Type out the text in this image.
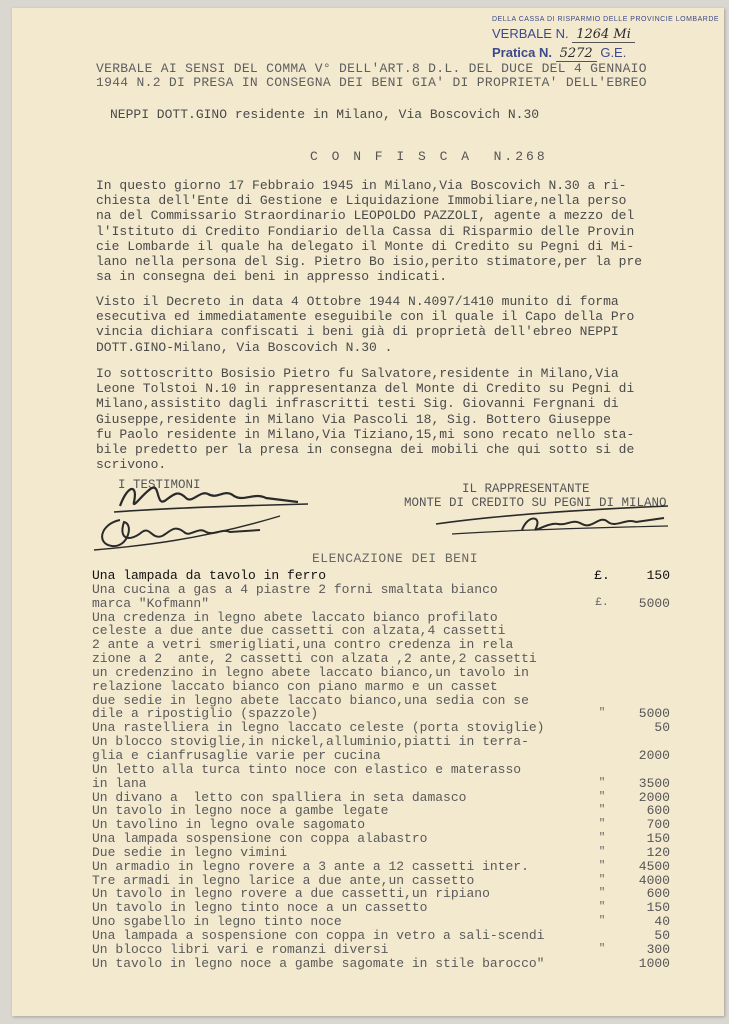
DELLA CASSA DI RISPARMIO DELLE PROVINCIE LOMBARDE
VERBALE N. 1264 Mi
Pratica N. 5272 G.E.
VERBALE AI SENSI DEL COMMA V° DELL'ART.8 D.L. DEL DUCE DEL 4 GENNAIO
1944 N.2 DI PRESA IN CONSEGNA DEI BENI GIA' DI PROPRIETA' DELL'EBREO
NEPPI DOTT.GINO residente in Milano, Via Boscovich N.30
C O N F I S C A  N.268
In questo giorno 17 Febbraio 1945 in Milano,Via Boscovich N.30 a ri-
chiesta dell'Ente di Gestione e Liquidazione Immobiliare,nella perso
na del Commissario Straordinario LEOPOLDO PAZZOLI, agente a mezzo del
l'Istituto di Credito Fondiario della Cassa di Risparmio delle Provin
cie Lombarde il quale ha delegato il Monte di Credito su Pegni di Mi-
lano nella persona del Sig. Pietro Bo isio,perito stimatore,per la pre
sa in consegna dei beni in appresso indicati.
Visto il Decreto in data 4 Ottobre 1944 N.4097/1410 munito di forma
esecutiva ed immediatamente eseguibile con il quale il Capo della Pro
vincia dichiara confiscati i beni già di proprietà dell'ebreo NEPPI
DOTT.GINO-Milano, Via Boscovich N.30 .
Io sottoscritto Bosisio Pietro fu Salvatore,residente in Milano,Via
Leone Tolstoi N.10 in rappresentanza del Monte di Credito su Pegni di
Milano,assistito dagli infrascritti testi Sig. Giovanni Fergnani di
Giuseppe,residente in Milano Via Pascoli 18, Sig. Bottero Giuseppe
fu Paolo residente in Milano,Via Tiziano,15,mi sono recato nello sta-
bile predetto per la presa in consegna dei mobili che qui sotto si de
scrivono.
I TESTIMONI	IL RAPPRESENTANTE
MONTE DI CREDITO SU PEGNI DI MILANO
ELENCAZIONE DEI BENI
Una lampada da tavolo in ferro	£.	150
Una cucina a gas a 4 piastre 2 forni smaltata bianco
marca "Kofmann"	£.	5000
Una credenza in legno abete laccato bianco profilato
celeste a due ante due cassetti con alzata,4 cassetti
2 ante a vetri smerigliati,una contro credenza in rela
zione a 2  ante, 2 cassetti con alzata ,2 ante,2 cassetti
un credenzino in legno abete laccato bianco,un tavolo in
relazione laccato bianco con piano marmo e un casset
due sedie in legno abete laccato bianco,una sedia con se
dile a ripostiglio (spazzole)	"	5000
Una rastelliera in legno laccato celeste (porta stoviglie)	50
Un blocco stoviglie,in nickel,alluminio,piatti in terra-
glia e cianfrusaglie varie per cucina	2000
Un letto alla turca tinto noce con elastico e materasso
in lana	"	3500
Un divano a  letto con spalliera in seta damasco	"	2000
Un tavolo in legno noce a gambe legate	"	600
Un tavolino in legno ovale sagomato	"	700
Una lampada sospensione con coppa alabastro	"	150
Due sedie in legno vimini	"	120
Un armadio in legno rovere a 3 ante a 12 cassetti inter.	"	4500
Tre armadi in legno larice a due ante,un cassetto	"	4000
Un tavolo in legno rovere a due cassetti,un ripiano	"	600
Un tavolo in legno tinto noce a un cassetto	"	150
Uno sgabello in legno tinto noce	"	40
Una lampada a sospensione con coppa in vetro a sali-scendi	50
Un blocco libri vari e romanzi diversi	"	300
Un tavolo in legno noce a gambe sagomate in stile barocco"	1000
